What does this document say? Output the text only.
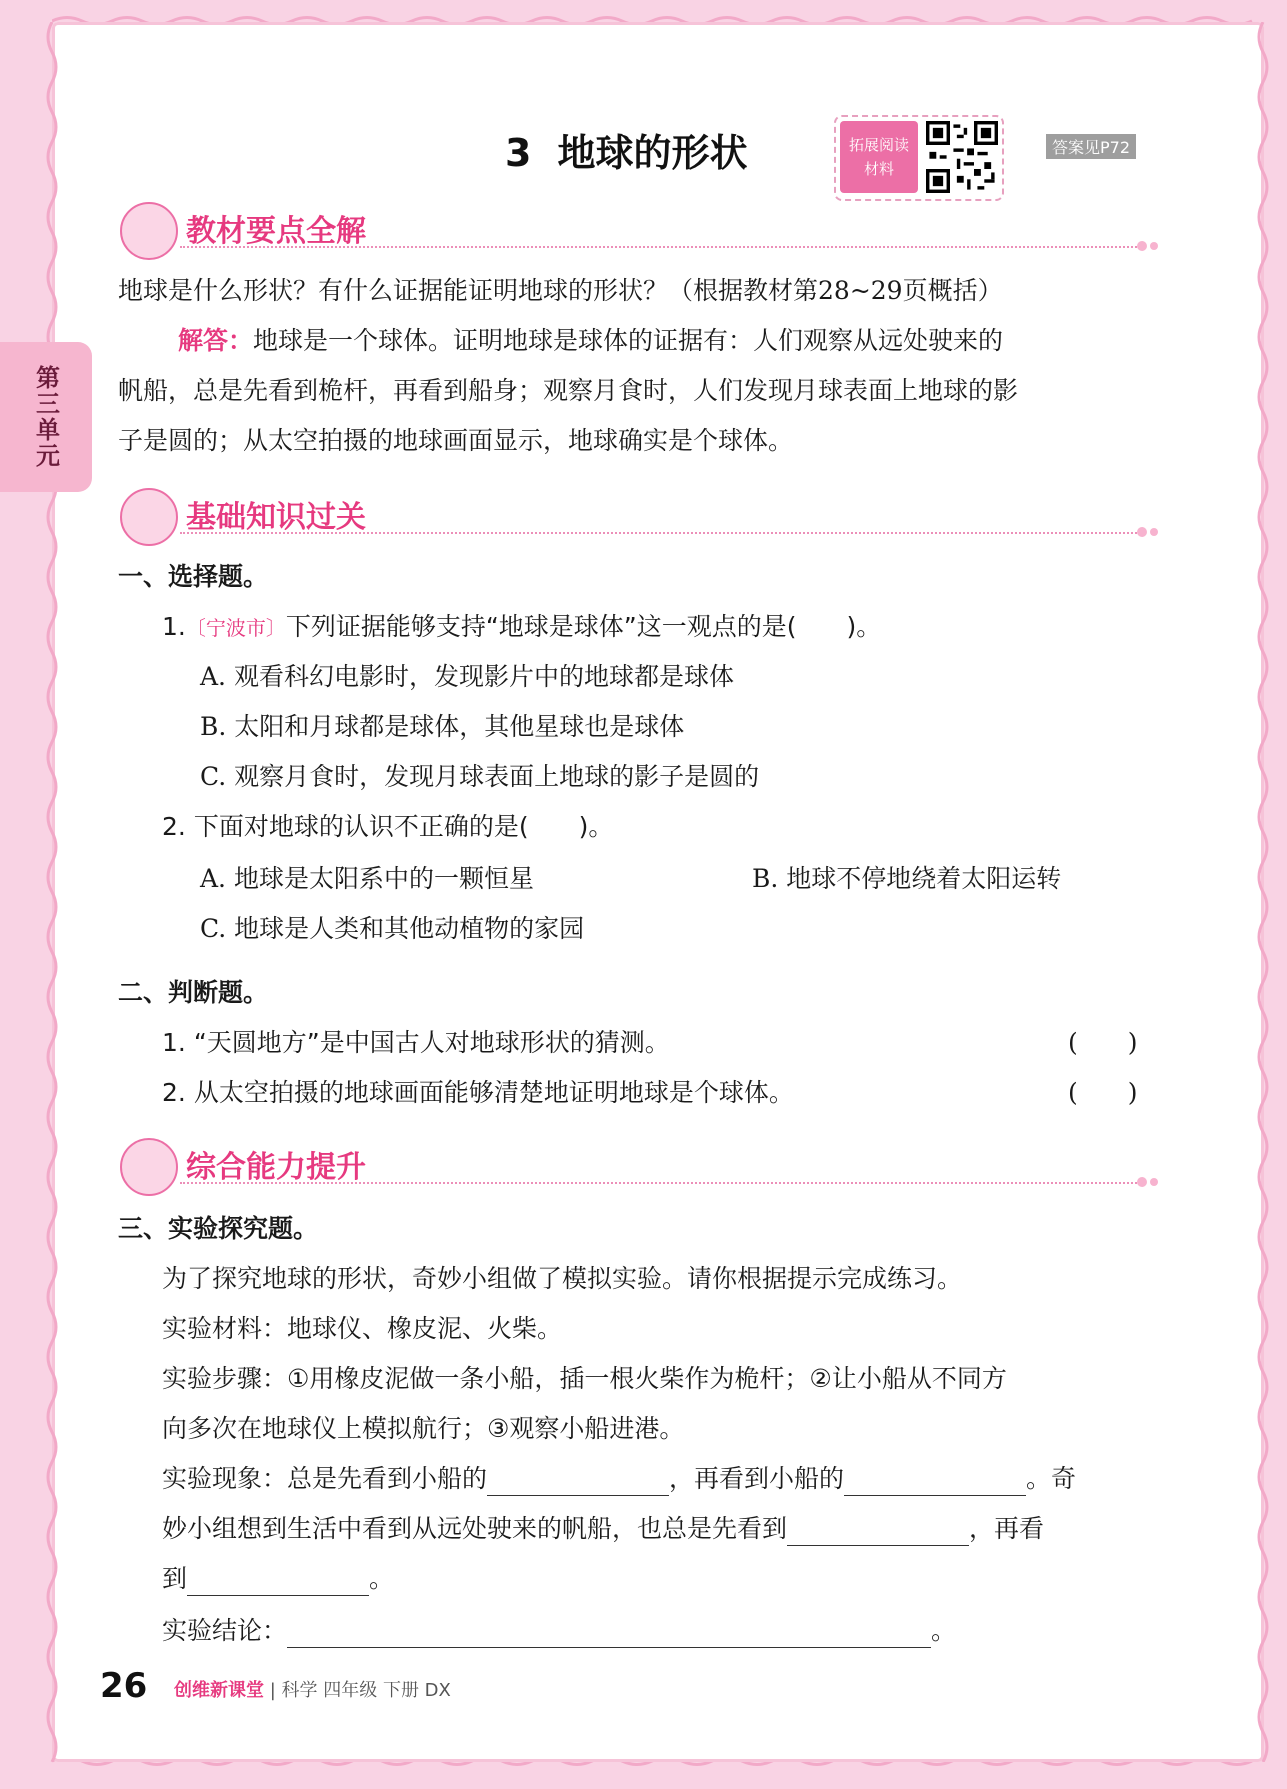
第三单元
3 地球的形状	拓展阅读
材料
答案见P72
教材要点全解
地球是什么形状？有什么证据能证明地球的形状？（根据教材第28~29页概括）
解答：地球是一个球体。证明地球是球体的证据有：人们观察从远处驶来的
帆船，总是先看到桅杆，再看到船身；观察月食时，人们发现月球表面上地球的影
子是圆的；从太空拍摄的地球画面显示，地球确实是个球体。
基础知识过关
一、选择题。
1.〔宁波市〕下列证据能够支持“地球是球体”这一观点的是(　　)。
A. 观看科幻电影时，发现影片中的地球都是球体
B. 太阳和月球都是球体，其他星球也是球体
C. 观察月食时，发现月球表面上地球的影子是圆的
2. 下面对地球的认识不正确的是(　　)。
A. 地球是太阳系中的一颗恒星	B. 地球不停地绕着太阳运转
C. 地球是人类和其他动植物的家园
二、判断题。
1. “天圆地方”是中国古人对地球形状的猜测。	(　　)
2. 从太空拍摄的地球画面能够清楚地证明地球是个球体。	(　　)
综合能力提升
三、实验探究题。
为了探究地球的形状，奇妙小组做了模拟实验。请你根据提示完成练习。
实验材料：地球仪、橡皮泥、火柴。
实验步骤：①用橡皮泥做一条小船，插一根火柴作为桅杆；②让小船从不同方
向多次在地球仪上模拟航行；③观察小船进港。
实验现象：总是先看到小船的	，再看到小船的	。奇
妙小组想到生活中看到从远处驶来的帆船，也总是先看到	，再看
到	。
实验结论：	。
26 创维新课堂 | 科学 四年级 下册 DX
